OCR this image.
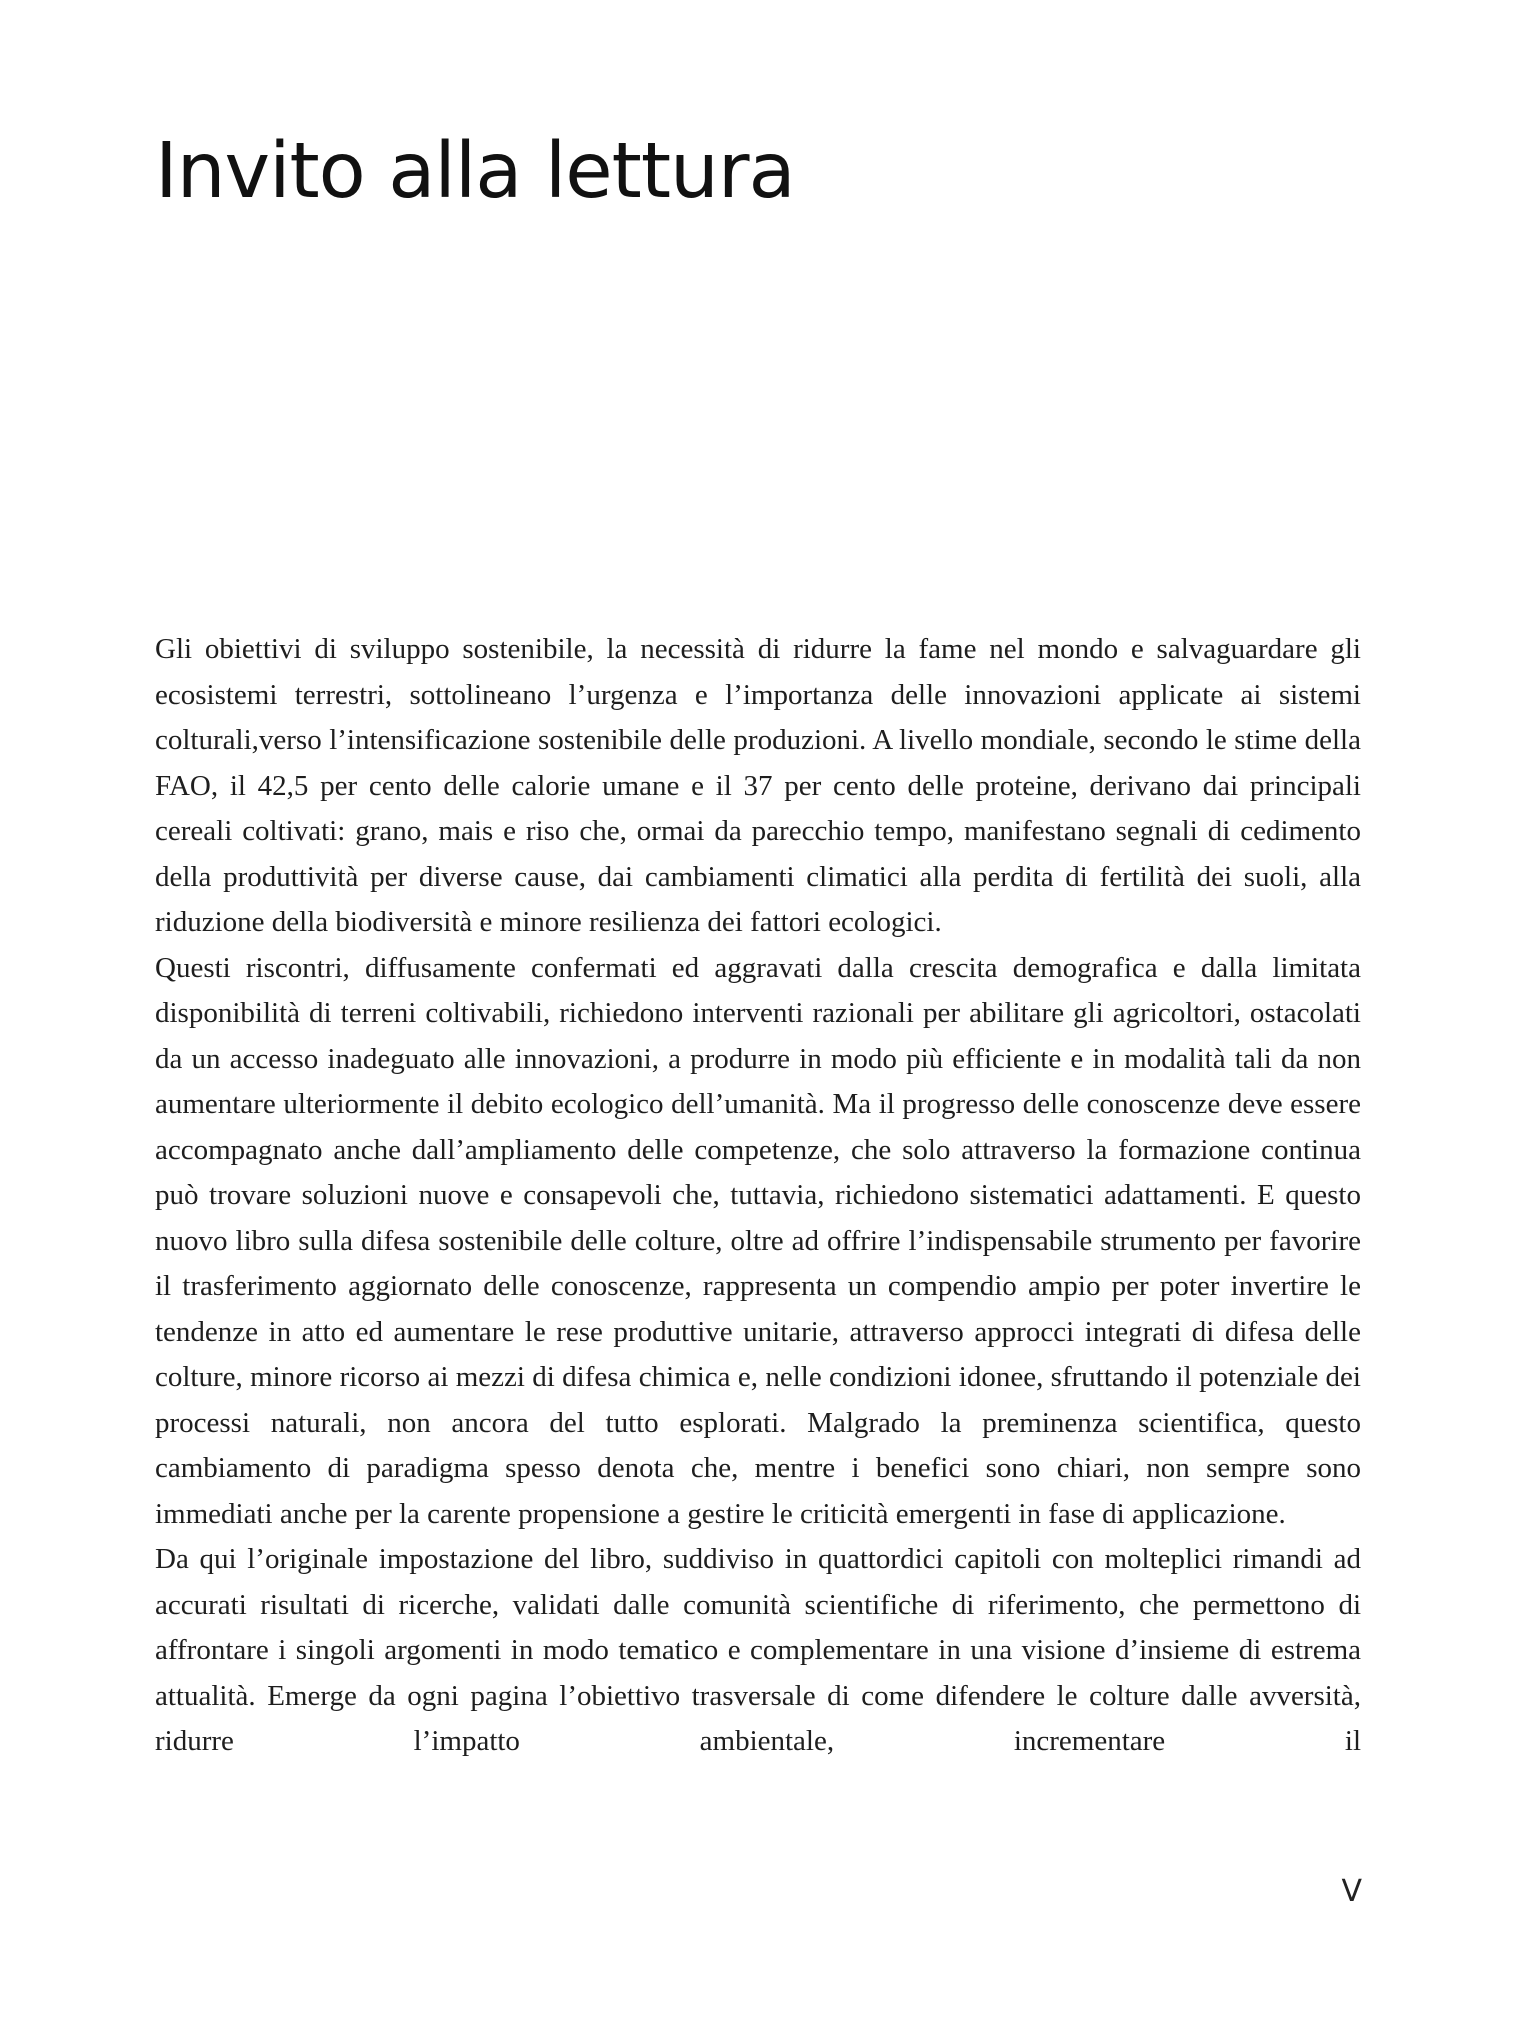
Invito alla lettura

Gli obiettivi di sviluppo sostenibile, la necessità di ridurre la fame nel mondo e salvaguardare gli ecosistemi terrestri, sottolineano l’urgenza e l’importanza delle innovazioni applicate ai sistemi colturali,verso l’intensificazione sostenibile delle produzioni. A livello mondiale, secondo le stime della FAO, il 42,5 per cento delle calorie umane e il 37 per cento delle proteine, derivano dai principali cereali coltivati: grano, mais e riso che, ormai da parecchio tempo, manifestano segnali di cedimento della produttività per diverse cause, dai cambiamenti climatici alla perdita di fertilità dei suoli, alla riduzione della biodiversità e minore resilienza dei fattori ecologici.

Questi riscontri, diffusamente confermati ed aggravati dalla crescita demografica e dalla limitata disponibilità di terreni coltivabili, richiedono interventi razionali per abilitare gli agricoltori, ostacolati da un accesso inadeguato alle innovazioni, a produrre in modo più efficiente e in modalità tali da non aumentare ulteriormente il debito ecologico dell’umanità. Ma il progresso delle conoscenze deve essere accompagnato anche dall’ampliamento delle competenze, che solo attraverso la formazione continua può trovare soluzioni nuove e consapevoli che, tuttavia, richiedono sistematici adattamenti. E questo nuovo libro sulla difesa sostenibile delle colture, oltre ad offrire l’indispensabile strumento per favorire il trasferimento aggiornato delle conoscenze, rappresenta un compendio ampio per poter invertire le tendenze in atto ed aumentare le rese produttive unitarie, attraverso approcci integrati di difesa delle colture, minore ricorso ai mezzi di difesa chimica e, nelle condizioni idonee, sfruttando il potenziale dei processi naturali, non ancora del tutto esplorati. Malgrado la preminenza scientifica, questo cambiamento di paradigma spesso denota che, mentre i benefici sono chiari, non sempre sono immediati anche per la carente propensione a gestire le criticità emergenti in fase di applicazione.

Da qui l’originale impostazione del libro, suddiviso in quattordici capitoli con molteplici rimandi ad accurati risultati di ricerche, validati dalle comunità scientifiche di riferimento, che permettono di affrontare i singoli argomenti in modo tematico e complementare in una visione d’insieme di estrema attualità. Emerge da ogni pagina l’obiettivo trasversale di come difendere le colture dalle avversità, ridurre l’impatto ambientale, incrementare il

V
